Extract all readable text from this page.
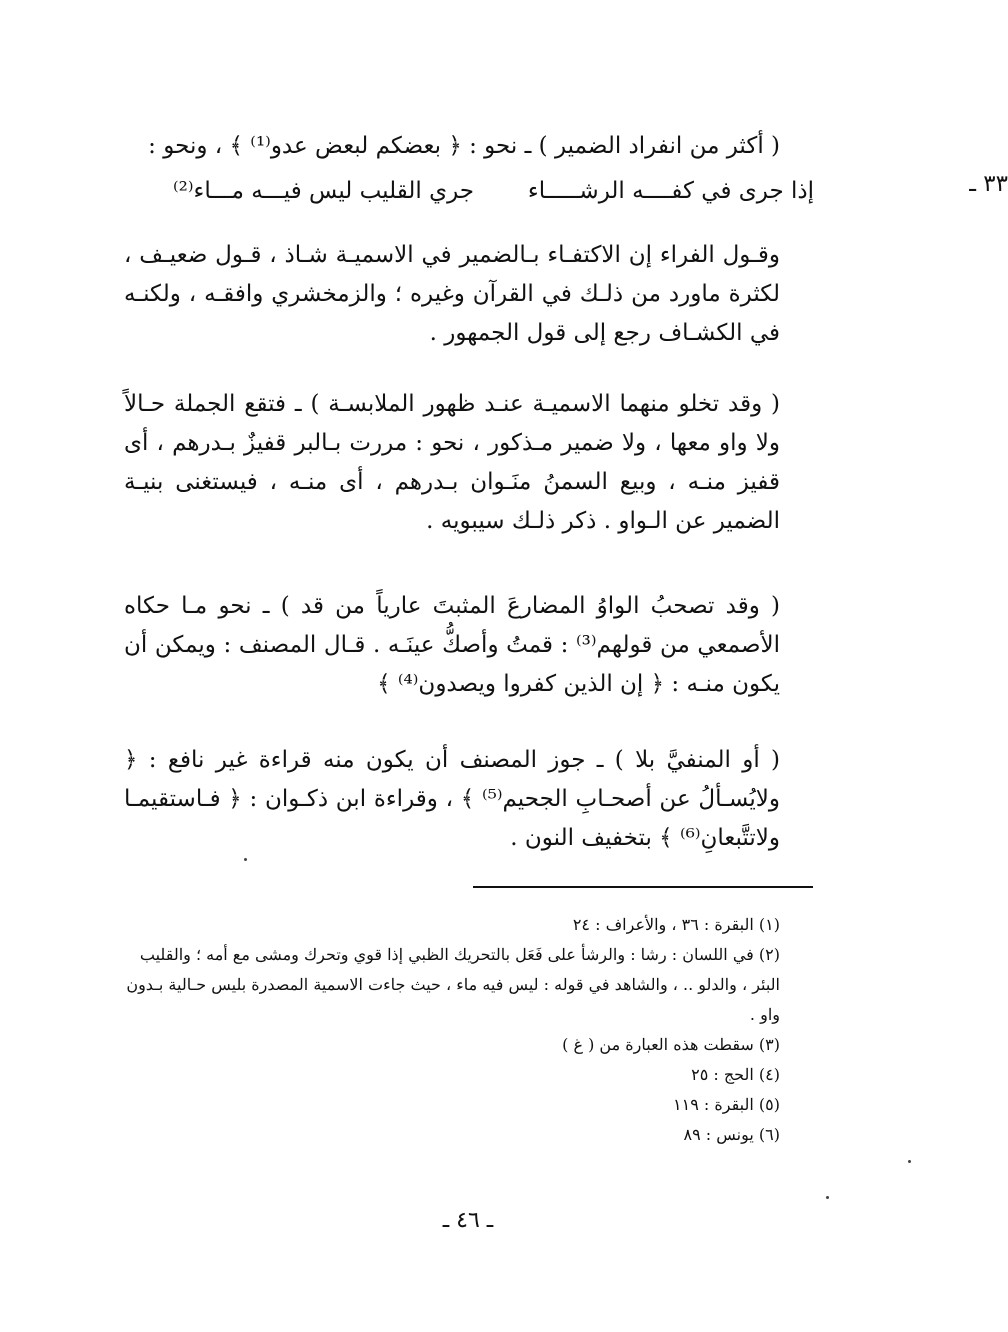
( أكثر من انفراد الضمير ) ـ نحو : ﴿ بعضكم لبعض عدو⁽¹⁾ ﴾ ، ونحو :

٣٣ ـ
إذا جرى في كفــــه الرشـــــاء
جري القليب ليس فيـــه مـــاء⁽²⁾

وقـول الفراء إن الاكتفـاء بـالضمير في الاسميـة شـاذ ، قـول ضعيـف ، لكثرة ماورد من ذلـك في القرآن وغيره ؛ والزمخشري وافقـه ، ولكنـه في الكشـاف رجع إلى قول الجمهور .

( وقد تخلو منهما الاسميـة عنـد ظهور الملابسـة ) ـ فتقع الجملة حـالاً ولا واو معها ، ولا ضمير مـذكور ، نحو : مررت بـالبر قفيزٌ بـدرهم ، أى قفيز منـه ، وبيع السمنُ منَـوان بـدرهم ، أى منـه ، فيستغنى بنيـة الضمير عن الـواو . ذكر ذلـك سيبويه .

( وقد تصحبُ الواوُ المضارعَ المثبتَ عارياً من قد ) ـ نحو مـا حكاه الأصمعي من قولهم⁽³⁾ : قمتُ وأصكُّ عينَـه . قـال المصنف : ويمكن أن يكون منـه : ﴿ إن الذين كفروا ويصدون⁽⁴⁾ ﴾

( أو المنفيَّ بلا ) ـ جوز المصنف أن يكون منه قراءة غير نافع : ﴿ ولايُسـألُ عن أصحـابِ الجحيم⁽⁵⁾ ﴾ ، وقراءة ابن ذكـوان : ﴿ فـاستقيمـا ولاتتَّبعانِ⁽⁶⁾ ﴾ بتخفيف النون .

(١) البقرة : ٣٦ ، والأعراف : ٢٤

(٢) في اللسان : رشا : والرشأ على فَعَل بالتحريك الظبي إذا قوي وتحرك ومشى مع أمه ؛ والقليب البئر ، والدلو .. ، والشاهد في قوله : ليس فيه ماء ، حيث جاءت الاسمية المصدرة بليس حـالية بـدون واو .

(٣) سقطت هذه العبارة من ( غ )

(٤) الحج : ٢٥

(٥) البقرة : ١١٩

(٦) يونس : ٨٩

ـ ٤٦ ـ
